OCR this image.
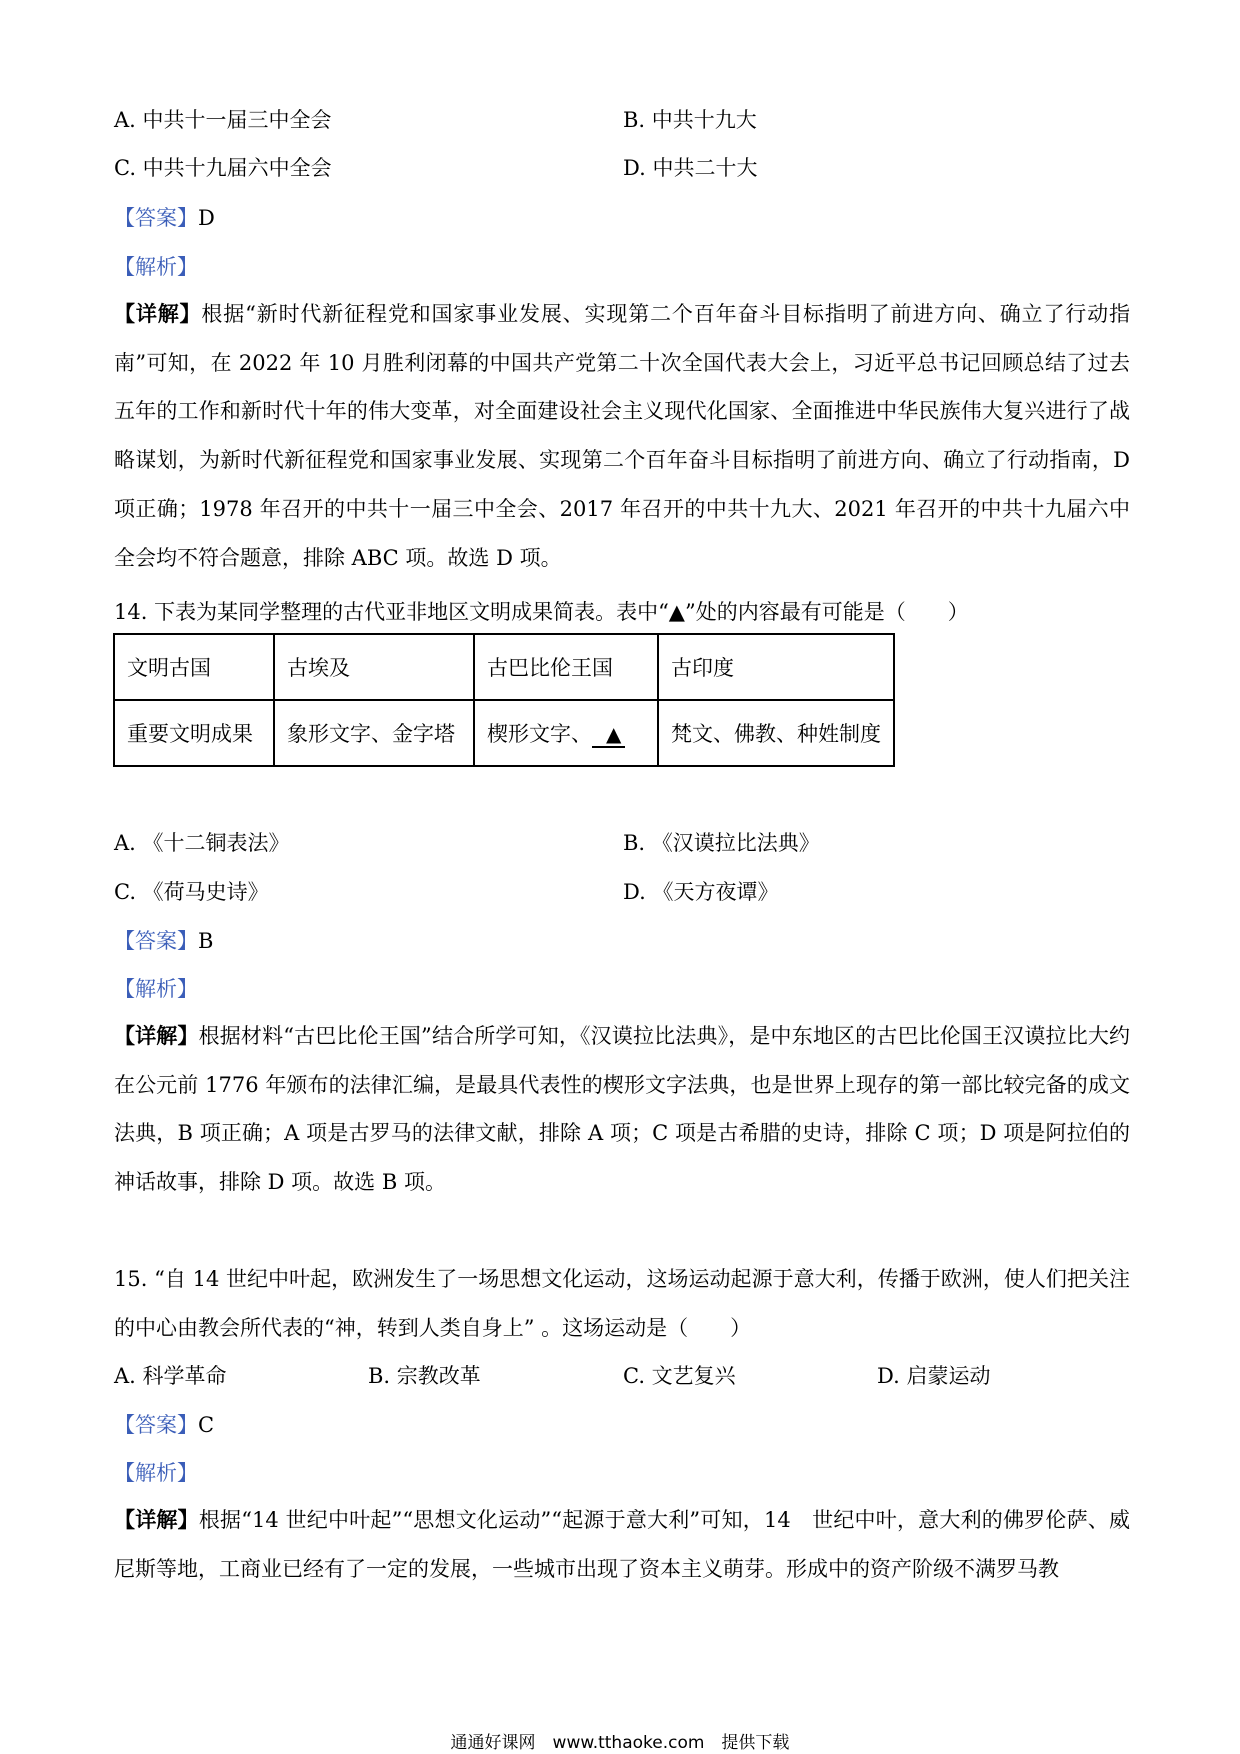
A. 中共十一届三中全会	B. 中共十九大
C. 中共十九届六中全会	D. 中共二十大
【答案】D
【解析】
【详解】根据“新时代新征程党和国家事业发展、实现第二个百年奋斗目标指明了前进方向、确立了行动指南”可知，在 2022 年 10 月胜利闭幕的中国共产党第二十次全国代表大会上，习近平总书记回顾总结了过去五年的工作和新时代十年的伟大变革，对全面建设社会主义现代化国家、全面推进中华民族伟大复兴进行了战略谋划，为新时代新征程党和国家事业发展、实现第二个百年奋斗目标指明了前进方向、确立了行动指南，D 项正确；1978 年召开的中共十一届三中全会、2017 年召开的中共十九大、2021 年召开的中共十九届六中全会均不符合题意，排除 ABC 项。故选 D 项。
14. 下表为某同学整理的古代亚非地区文明成果简表。表中“▲”处的内容最有可能是（　　）
文明古国	古埃及	古巴比伦王国	古印度
重要文明成果	象形文字、金字塔	楔形文字、 ▲	梵文、佛教、种姓制度
A. 《十二铜表法》	B. 《汉谟拉比法典》
C. 《荷马史诗》	D. 《天方夜谭》
【答案】B
【解析】
【详解】根据材料“古巴比伦王国”结合所学可知，《汉谟拉比法典》，是中东地区的古巴比伦国王汉谟拉比大约在公元前 1776 年颁布的法律汇编，是最具代表性的楔形文字法典，也是世界上现存的第一部比较完备的成文法典，B 项正确；A 项是古罗马的法律文献，排除 A 项；C 项是古希腊的史诗，排除 C 项；D 项是阿拉伯的神话故事，排除 D 项。故选 B 项。
15. “自 14 世纪中叶起，欧洲发生了一场思想文化运动，这场运动起源于意大利，传播于欧洲，使人们把关注的中心由教会所代表的“神，转到人类自身上” 。这场运动是（　　）
A. 科学革命	B. 宗教改革	C. 文艺复兴	D. 启蒙运动
【答案】C
【解析】
【详解】根据“14 世纪中叶起”“思想文化运动”“起源于意大利”可知，14　世纪中叶，意大利的佛罗伦萨、威尼斯等地，工商业已经有了一定的发展，一些城市出现了资本主义萌芽。形成中的资产阶级不满罗马教
通通好课网　www.tthaoke.com　提供下载
